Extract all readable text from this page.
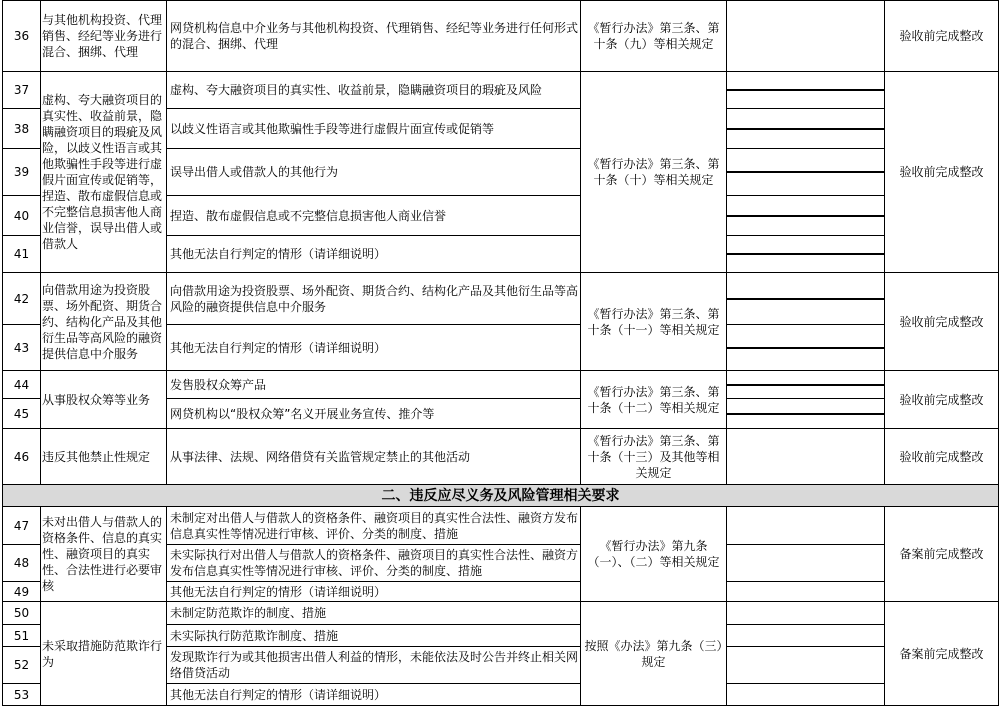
36	与其他机构投资、代理销售、经纪等业务进行混合、捆绑、代理	网贷机构信息中介业务与其他机构投资、代理销售、经纪等业务进行任何形式的混合、捆绑、代理	《暂行办法》第三条、第十条（九）等相关规定		验收前完成整改
37	虚构、夸大融资项目的真实性、收益前景，隐瞒融资项目的瑕疵及风险，以歧义性语言或其他欺骗性手段等进行虚假片面宣传或促销等，捏造、散布虚假信息或不完整信息损害他人商业信誉，误导出借人或借款人	虚构、夸大融资项目的真实性、收益前景，隐瞒融资项目的瑕疵及风险	《暂行办法》第三条、第十条（十）等相关规定		验收前完成整改
38		以歧义性语言或其他欺骗性手段等进行虚假片面宣传或促销等			

39		误导出借人或借款人的其他行为			

40		捏造、散布虚假信息或不完整信息损害他人商业信誉			

41		其他无法自行判定的情形（请详细说明）			

42	向借款用途为投资股票、场外配资、期货合约、结构化产品及其他衍生品等高风险的融资提供信息中介服务	向借款用途为投资股票、场外配资、期货合约、结构化产品及其他衍生品等高风险的融资提供信息中介服务	《暂行办法》第三条、第十条（十一）等相关规定		验收前完成整改
43		其他无法自行判定的情形（请详细说明）			

44	从事股权众筹等业务	发售股权众筹产品	《暂行办法》第三条、第十条（十二）等相关规定		验收前完成整改
45		网贷机构以“股权众筹”名义开展业务宣传、推介等			

46	违反其他禁止性规定	从事法律、法规、网络借贷有关监管规定禁止的其他活动	《暂行办法》第三条、第十条（十三）及其他等相关规定		验收前完成整改
二、违反应尽义务及风险管理相关要求					
47	未对出借人与借款人的资格条件、信息的真实性、融资项目的真实性、合法性进行必要审核	未制定对出借人与借款人的资格条件、融资项目的真实性合法性、融资方发布信息真实性等情况进行审核、评价、分类的制度、措施	《暂行办法》第九条（一）、（二）等相关规定		备案前完成整改
48		未实际执行对出借人与借款人的资格条件、融资项目的真实性合法性、融资方发布信息真实性等情况进行审核、评价、分类的制度、措施			
49		其他无法自行判定的情形（请详细说明）			
50	未采取措施防范欺诈行为	未制定防范欺诈的制度、措施	按照《办法》第九条（三）规定		备案前完成整改
51		未实际执行防范欺诈制度、措施			
52		发现欺诈行为或其他损害出借人利益的情形，未能依法及时公告并终止相关网络借贷活动			
53		其他无法自行判定的情形（请详细说明）			
